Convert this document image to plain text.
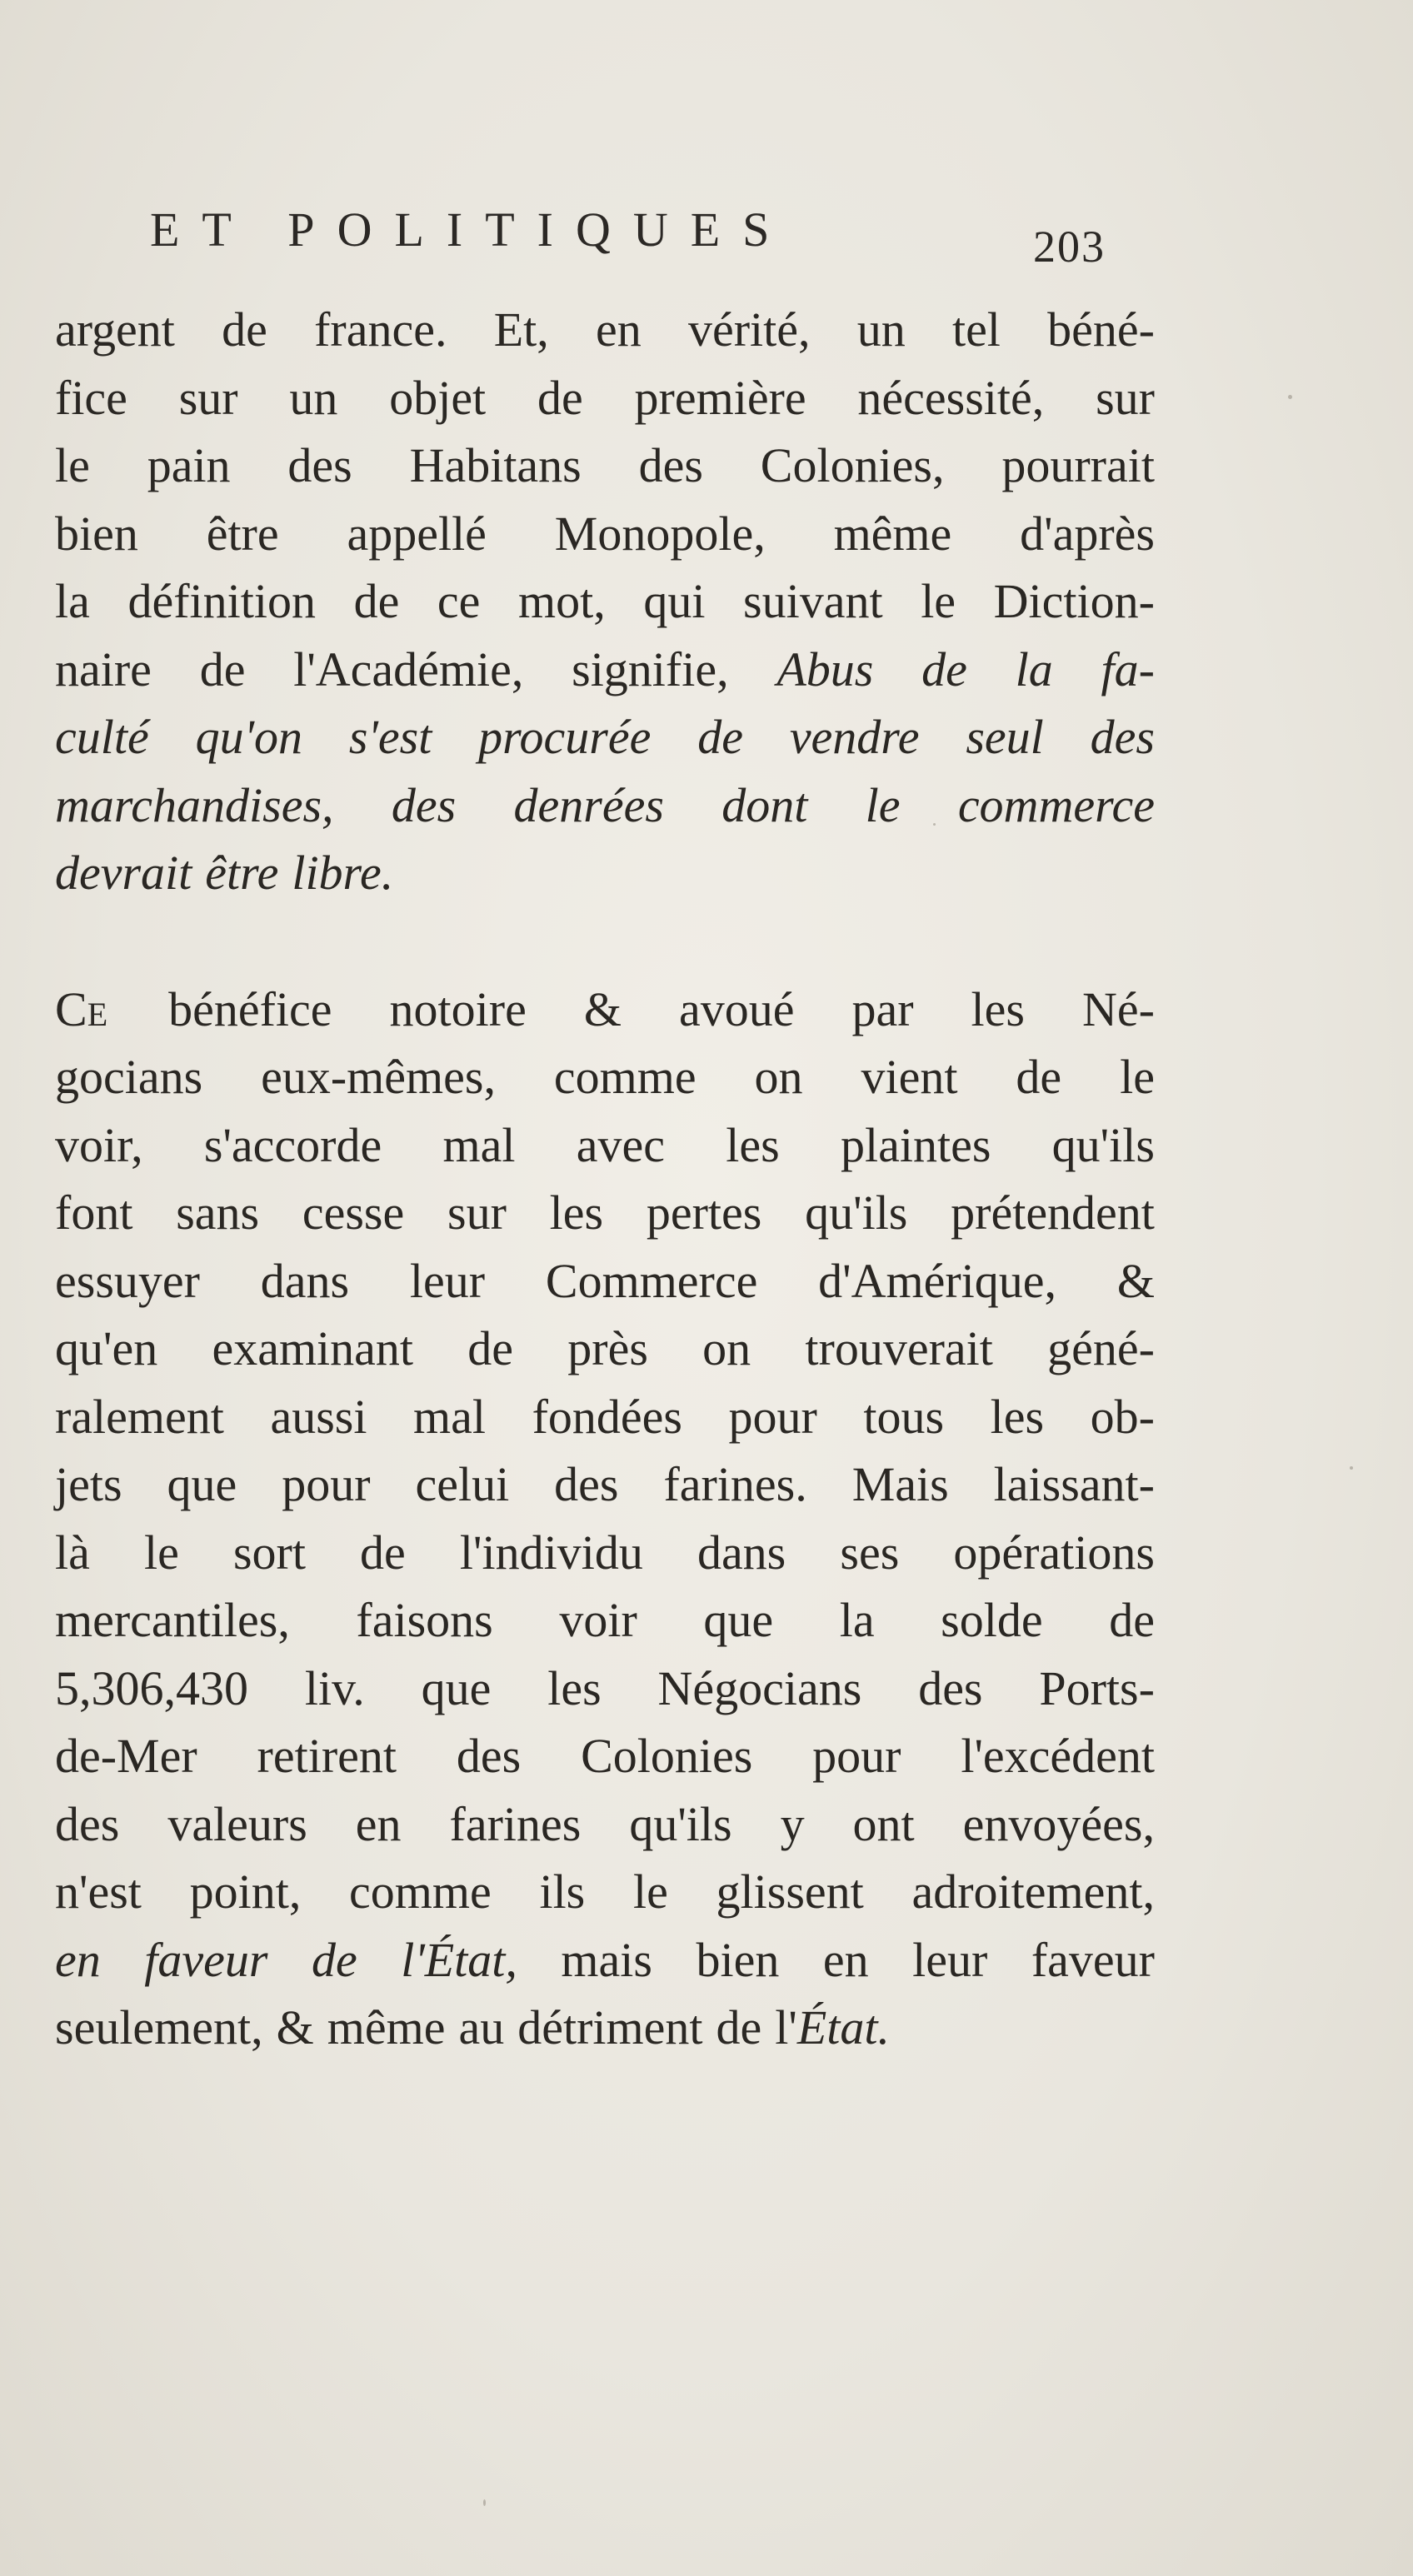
ET POLITIQUES	203
argent de france. Et, en vérité, un tel béné-
fice sur un objet de première nécessité, sur
le pain des Habitans des Colonies, pourrait
bien être appellé Monopole, même d'après
la définition de ce mot, qui suivant le Diction-
naire de l'Académie, signifie, Abus de la fa-
culté qu'on s'est procurée de vendre seul des
marchandises, des denrées dont le commerce
devrait être libre.
CE bénéfice notoire & avoué par les Né-
gocians eux-mêmes, comme on vient de le
voir, s'accorde mal avec les plaintes qu'ils
font sans cesse sur les pertes qu'ils prétendent
essuyer dans leur Commerce d'Amérique, &
qu'en examinant de près on trouverait géné-
ralement aussi mal fondées pour tous les ob-
jets que pour celui des farines. Mais laissant-
là le sort de l'individu dans ses opérations
mercantiles, faisons voir que la solde de
5,306,430 liv. que les Négocians des Ports-
de-Mer retirent des Colonies pour l'excédent
des valeurs en farines qu'ils y ont envoyées,
n'est point, comme ils le glissent adroitement,
en faveur de l'État, mais bien en leur faveur
seulement, & même au détriment de l'État.
